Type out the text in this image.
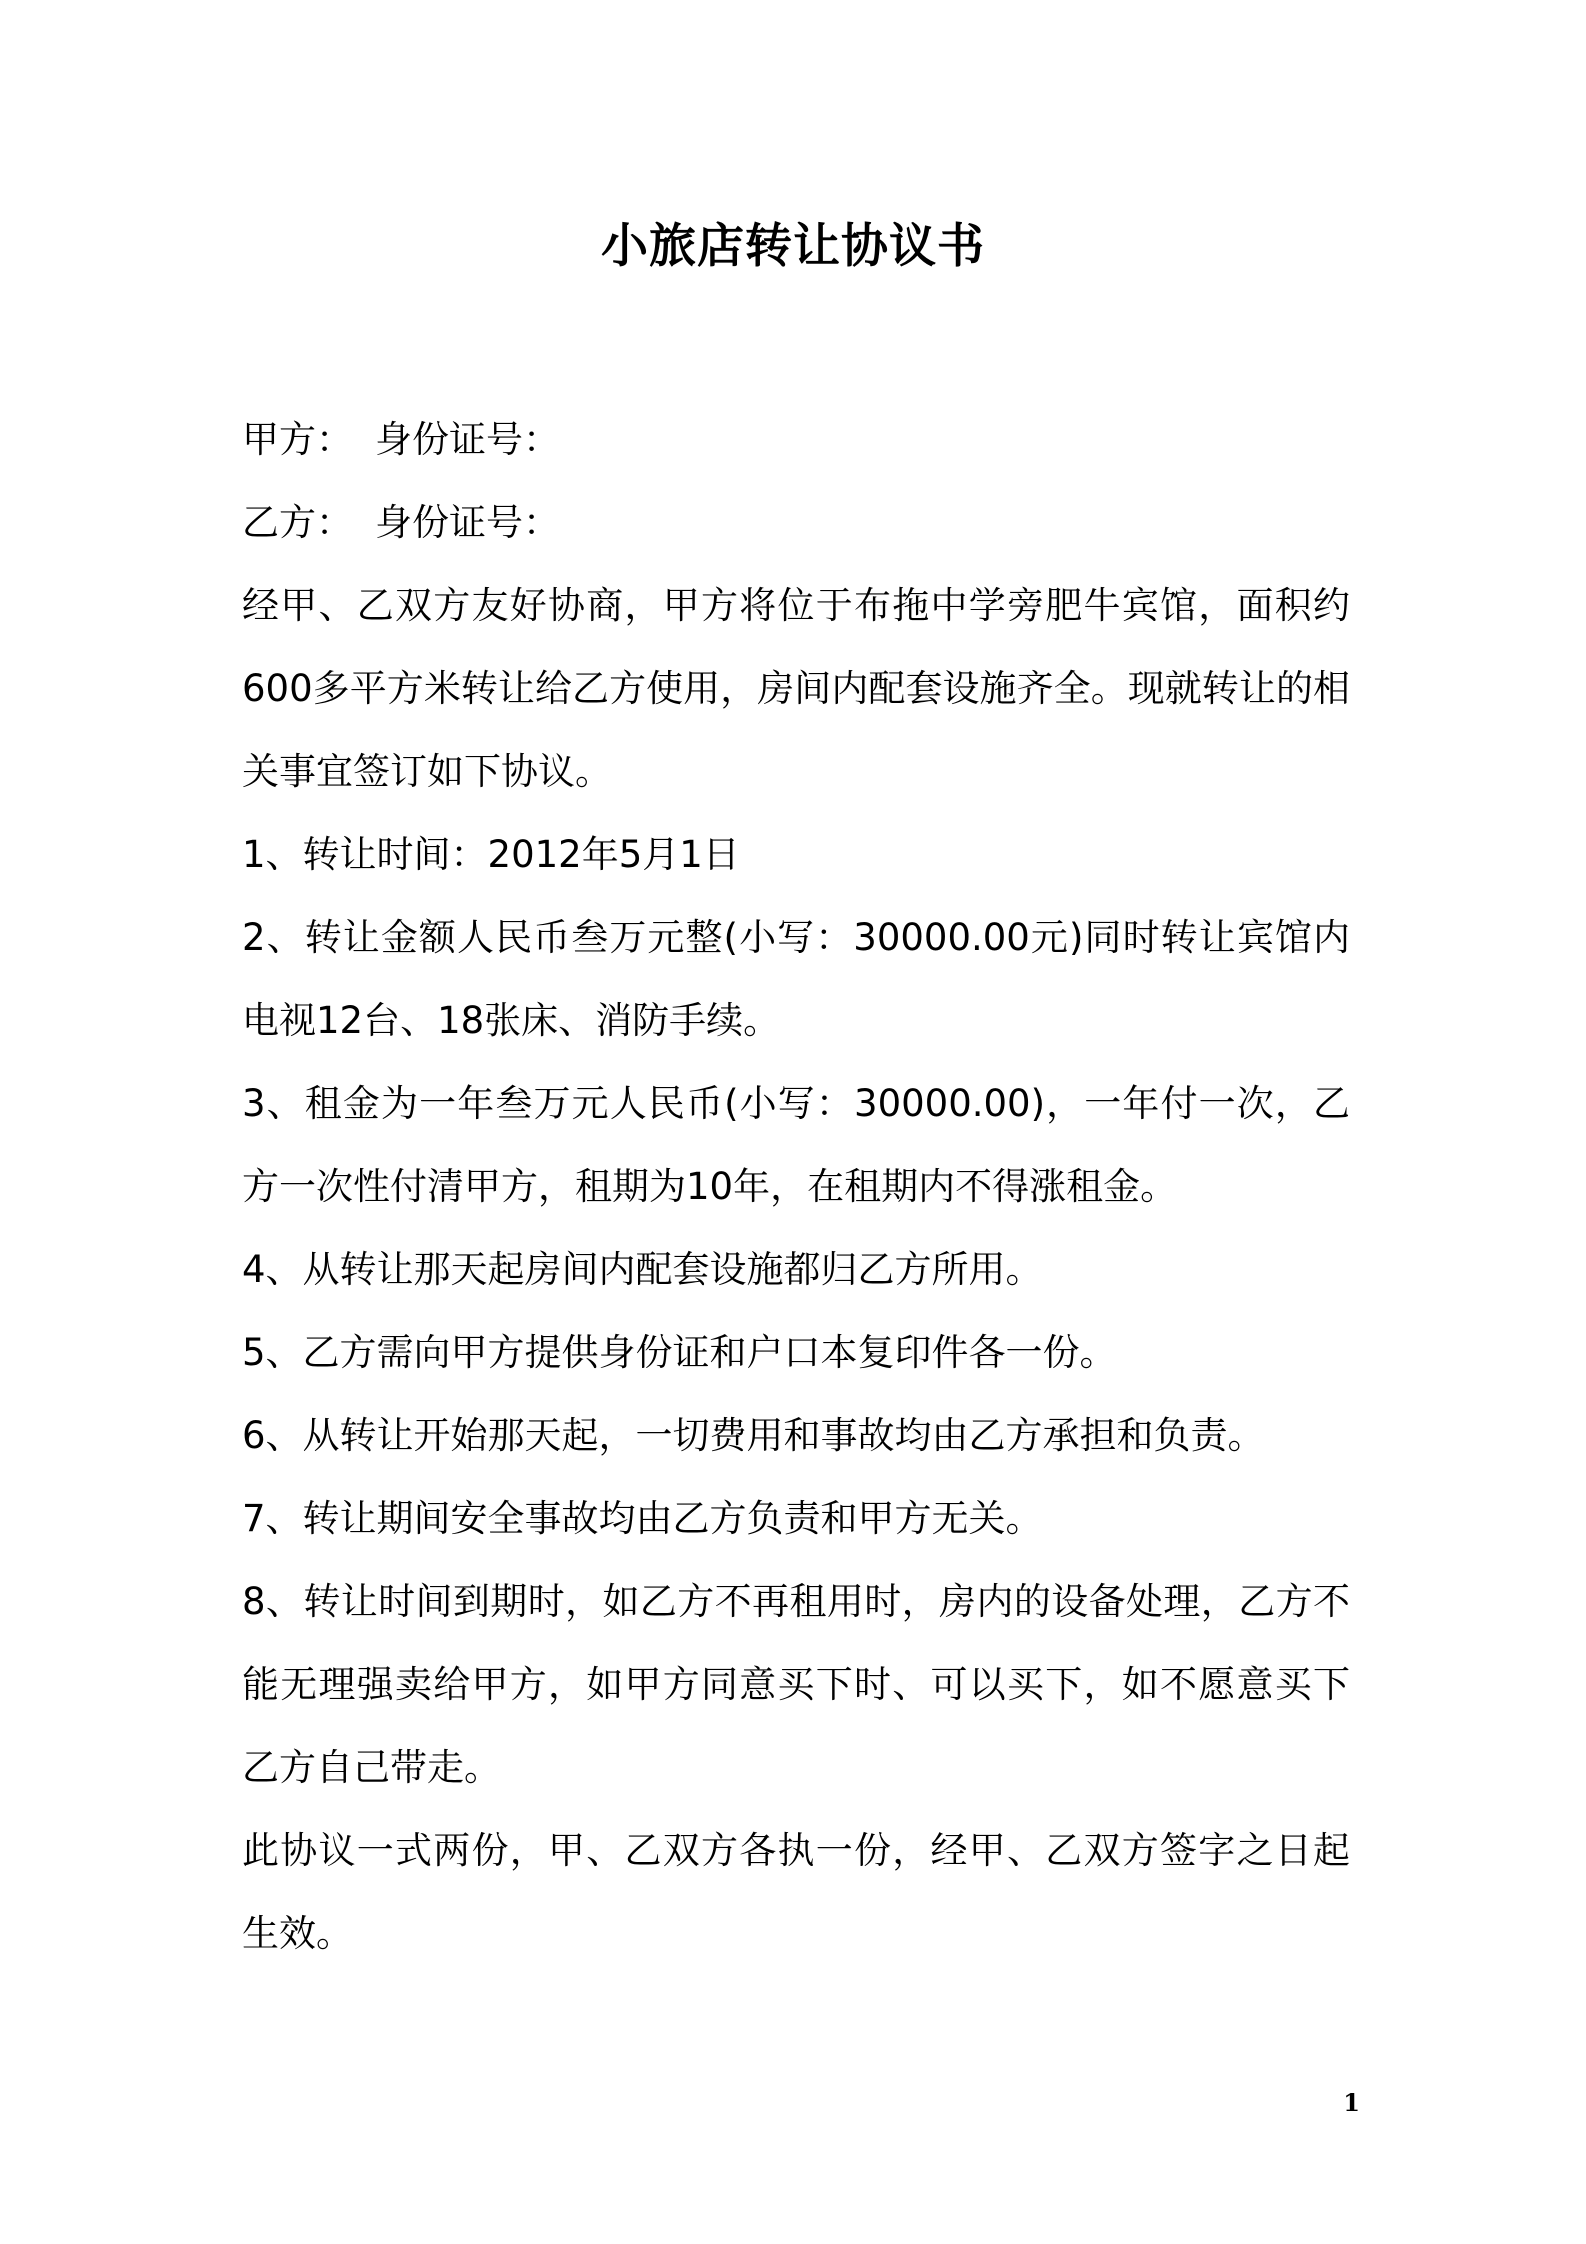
小旅店转让协议书

甲方： 身份证号：

乙方： 身份证号：

经甲、乙双方友好协商，甲方将位于布拖中学旁肥牛宾馆，面积约600多平方米转让给乙方使用，房间内配套设施齐全。现就转让的相关事宜签订如下协议。

1、转让时间：2012年5月1日

2、转让金额人民币叁万元整(小写：30000.00元)同时转让宾馆内电视12台、18张床、消防手续。

3、租金为一年叁万元人民币(小写：30000.00)，一年付一次，乙方一次性付清甲方，租期为10年，在租期内不得涨租金。

4、从转让那天起房间内配套设施都归乙方所用。

5、乙方需向甲方提供身份证和户口本复印件各一份。

6、从转让开始那天起，一切费用和事故均由乙方承担和负责。

7、转让期间安全事故均由乙方负责和甲方无关。

8、转让时间到期时，如乙方不再租用时，房内的设备处理，乙方不能无理强卖给甲方，如甲方同意买下时、可以买下，如不愿意买下乙方自己带走。

此协议一式两份，甲、乙双方各执一份，经甲、乙双方签字之日起生效。

1
